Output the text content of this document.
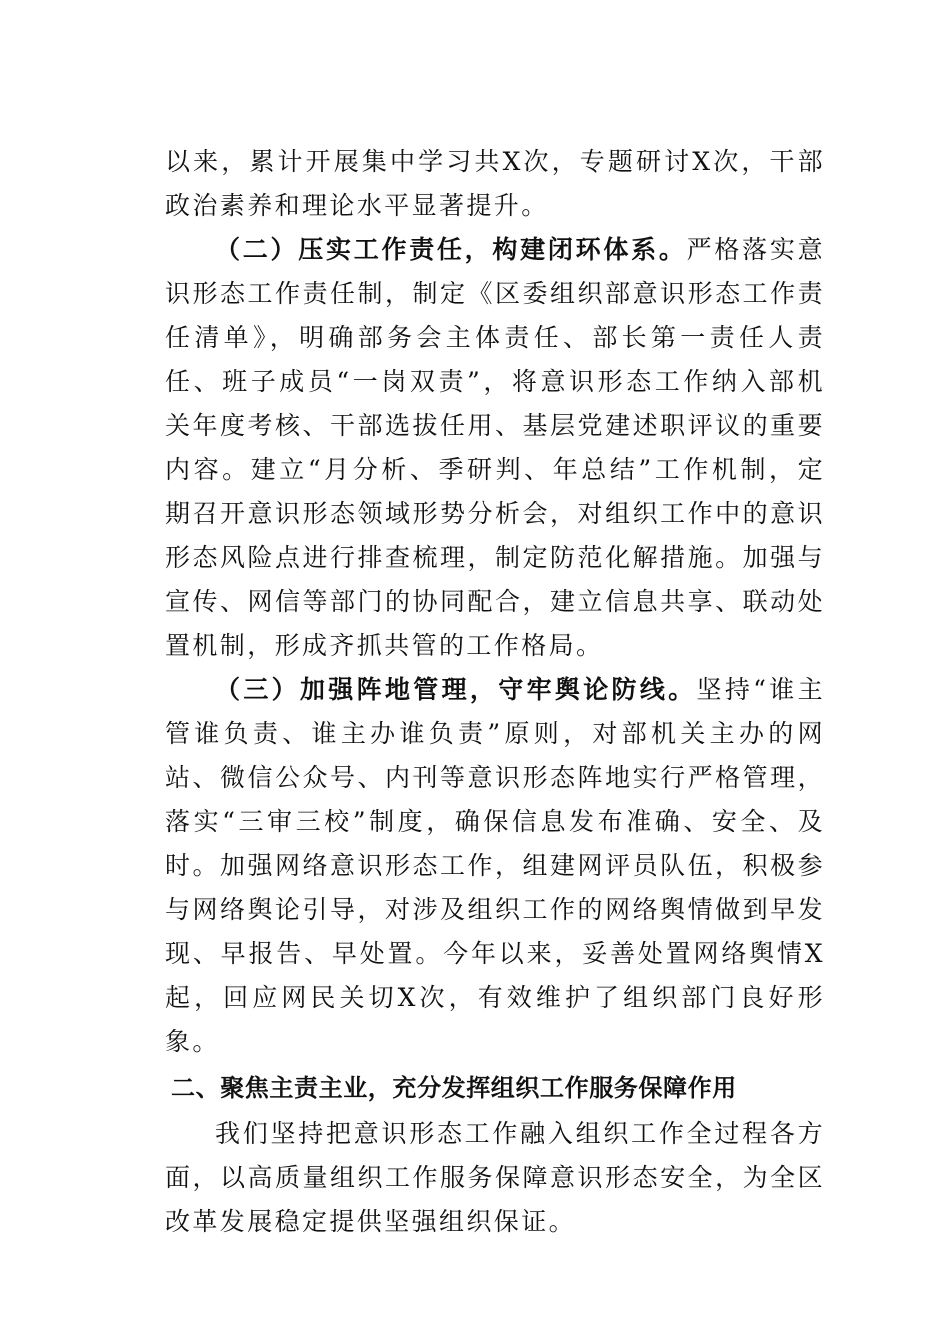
以来，累计开展集中学习共X次，专题研讨X次，干部政治素养和理论水平显著提升。

（二）压实工作责任，构建闭环体系。严格落实意识形态工作责任制，制定《区委组织部意识形态工作责任清单》，明确部务会主体责任、部长第一责任人责任、班子成员“一岗双责”，将意识形态工作纳入部机关年度考核、干部选拔任用、基层党建述职评议的重要内容。建立“月分析、季研判、年总结”工作机制，定期召开意识形态领域形势分析会，对组织工作中的意识形态风险点进行排查梳理，制定防范化解措施。加强与宣传、网信等部门的协同配合，建立信息共享、联动处置机制，形成齐抓共管的工作格局。

（三）加强阵地管理，守牢舆论防线。坚持“谁主管谁负责、谁主办谁负责”原则，对部机关主办的网站、微信公众号、内刊等意识形态阵地实行严格管理，落实“三审三校”制度，确保信息发布准确、安全、及时。加强网络意识形态工作，组建网评员队伍，积极参与网络舆论引导，对涉及组织工作的网络舆情做到早发现、早报告、早处置。今年以来，妥善处置网络舆情X起，回应网民关切X次，有效维护了组织部门良好形象。

二、聚焦主责主业，充分发挥组织工作服务保障作用

我们坚持把意识形态工作融入组织工作全过程各方面，以高质量组织工作服务保障意识形态安全，为全区改革发展稳定提供坚强组织保证。
